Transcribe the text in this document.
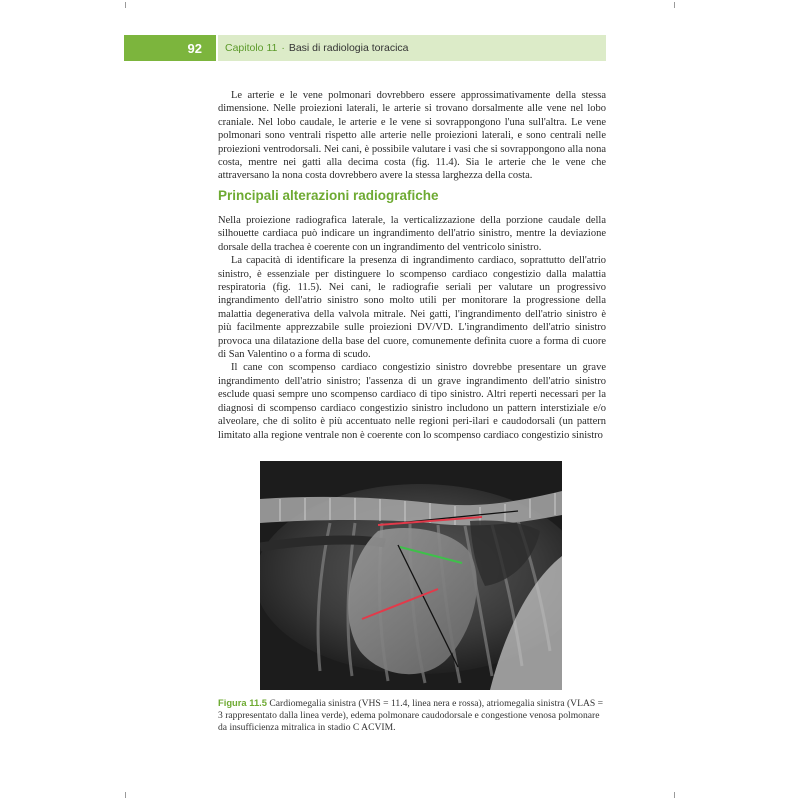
92	Capitolo 11 · Basi di radiologia toracica

Le arterie e le vene polmonari dovrebbero essere approssimativamente della stessa dimensione. Nelle proiezioni laterali, le arterie si trovano dorsalmente alle vene nel lobo craniale. Nel lobo caudale, le arterie e le vene si sovrappongono l'una sull'altra. Le vene polmonari sono ventrali rispetto alle arterie nelle proiezioni laterali, e sono centrali nelle proiezioni ventrodorsali. Nei cani, è possibile valutare i vasi che si sovrappongono alla nona costa, mentre nei gatti alla decima costa (fig. 11.4). Sia le arterie che le vene che attraversano la nona costa dovrebbero avere la stessa larghezza della costa.

Principali alterazioni radiografiche

Nella proiezione radiografica laterale, la verticalizzazione della porzione caudale della silhouette cardiaca può indicare un ingrandimento dell'atrio sinistro, mentre la deviazione dorsale della trachea è coerente con un ingrandimento del ventricolo sinistro.

La capacità di identificare la presenza di ingrandimento cardiaco, soprattutto dell'atrio sinistro, è essenziale per distinguere lo scompenso cardiaco congestizio dalla malattia respiratoria (fig. 11.5). Nei cani, le radiografie seriali per valutare un progressivo ingrandimento dell'atrio sinistro sono molto utili per monitorare la progressione della malattia degenerativa della valvola mitrale. Nei gatti, l'ingrandimento dell'atrio sinistro è più facilmente apprezzabile sulle proiezioni DV/VD. L'ingrandimento dell'atrio sinistro provoca una dilatazione della base del cuore, comunemente definita cuore a forma di cuore di San Valentino o a forma di scudo.

Il cane con scompenso cardiaco congestizio sinistro dovrebbe presentare un grave ingrandimento dell'atrio sinistro; l'assenza di un grave ingrandimento dell'atrio sinistro esclude quasi sempre uno scompenso cardiaco di tipo sinistro. Altri reperti necessari per la diagnosi di scompenso cardiaco congestizio sinistro includono un pattern interstiziale e/o alveolare, che di solito è più accentuato nelle regioni peri-ilari e caudodorsali (un pattern limitato alla regione ventrale non è coerente con lo scompenso cardiaco congestizio sinistro

Figura 11.5 Cardiomegalia sinistra (VHS = 11.4, linea nera e rossa), atriomegalia sinistra (VLAS = 3 rappresentato dalla linea verde), edema polmonare caudodorsale e congestione venosa polmonare da insufficienza mitralica in stadio C ACVIM.
